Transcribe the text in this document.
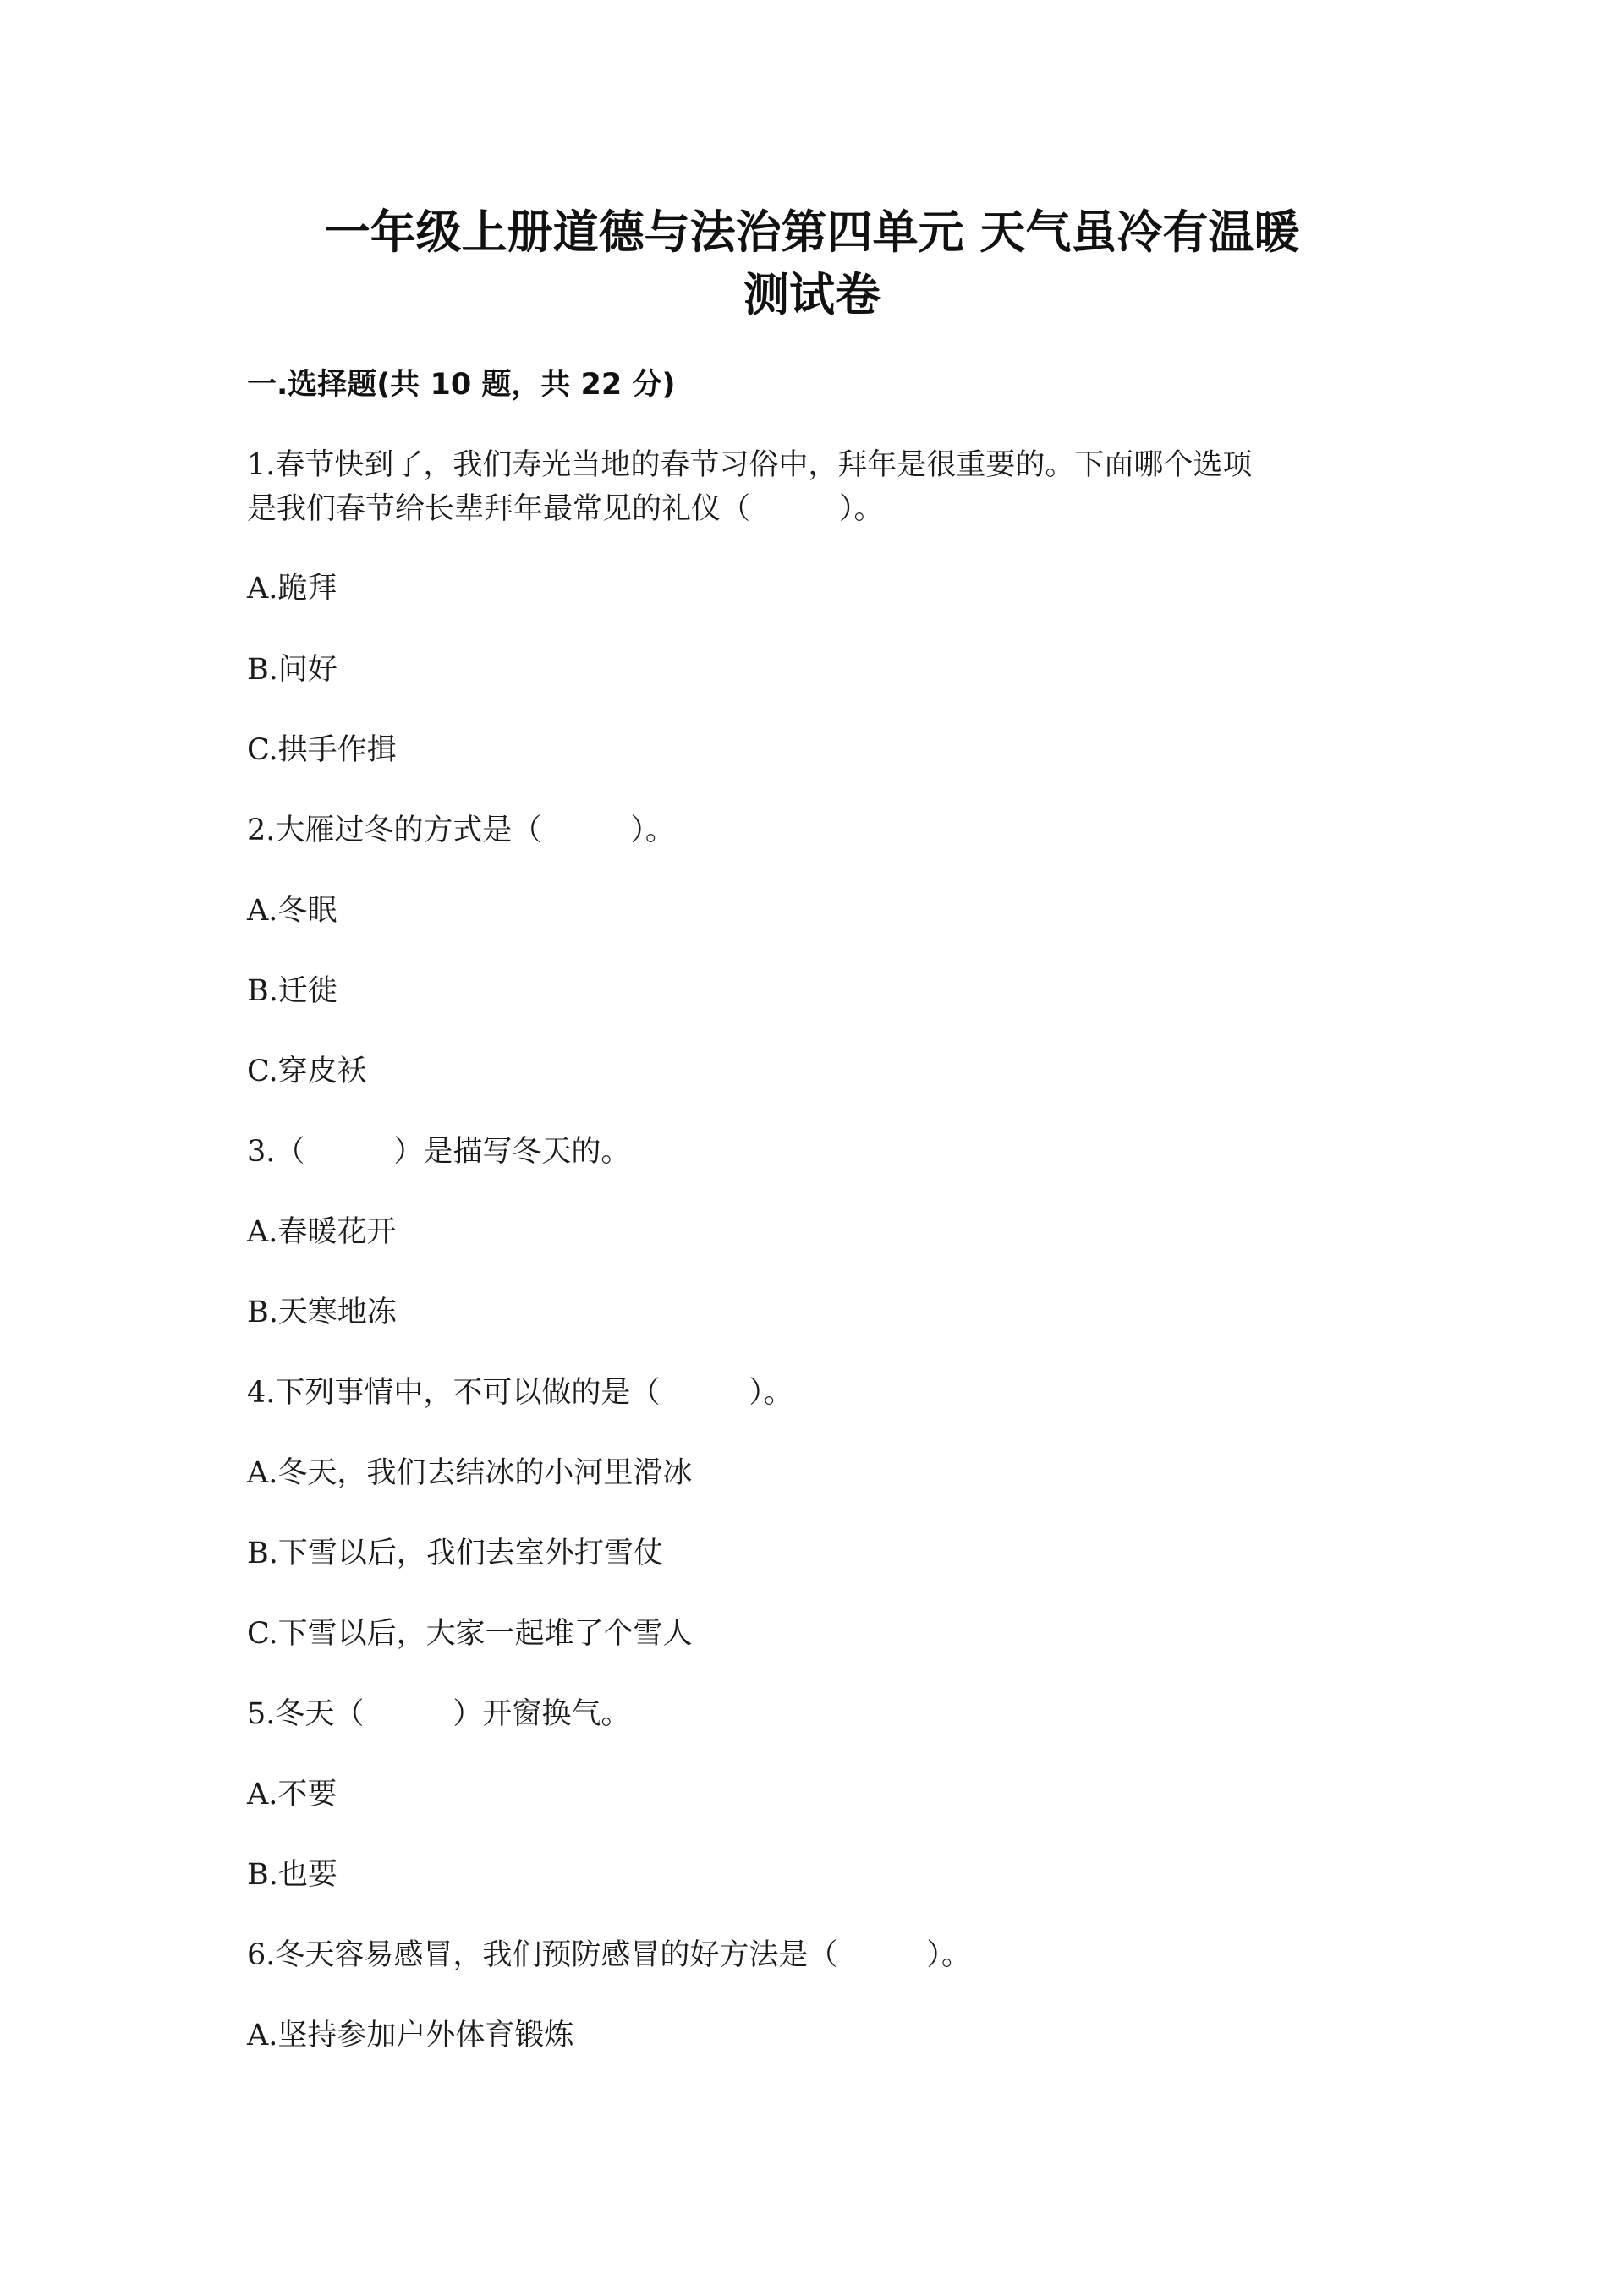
一年级上册道德与法治第四单元 天气虽冷有温暖
测试卷
一.选择题(共 10 题，共 22 分)
1.春节快到了，我们寿光当地的春节习俗中，拜年是很重要的。下面哪个选项
是我们春节给长辈拜年最常见的礼仪（　　　）。
A.跪拜
B.问好
C.拱手作揖
2.大雁过冬的方式是（　　　）。
A.冬眠
B.迁徙
C.穿皮袄
3.（　　　）是描写冬天的。
A.春暖花开
B.天寒地冻
4.下列事情中，不可以做的是（　　　）。
A.冬天，我们去结冰的小河里滑冰
B.下雪以后，我们去室外打雪仗
C.下雪以后，大家一起堆了个雪人
5.冬天（　　　）开窗换气。
A.不要
B.也要
6.冬天容易感冒，我们预防感冒的好方法是（　　　）。
A.坚持参加户外体育锻炼
